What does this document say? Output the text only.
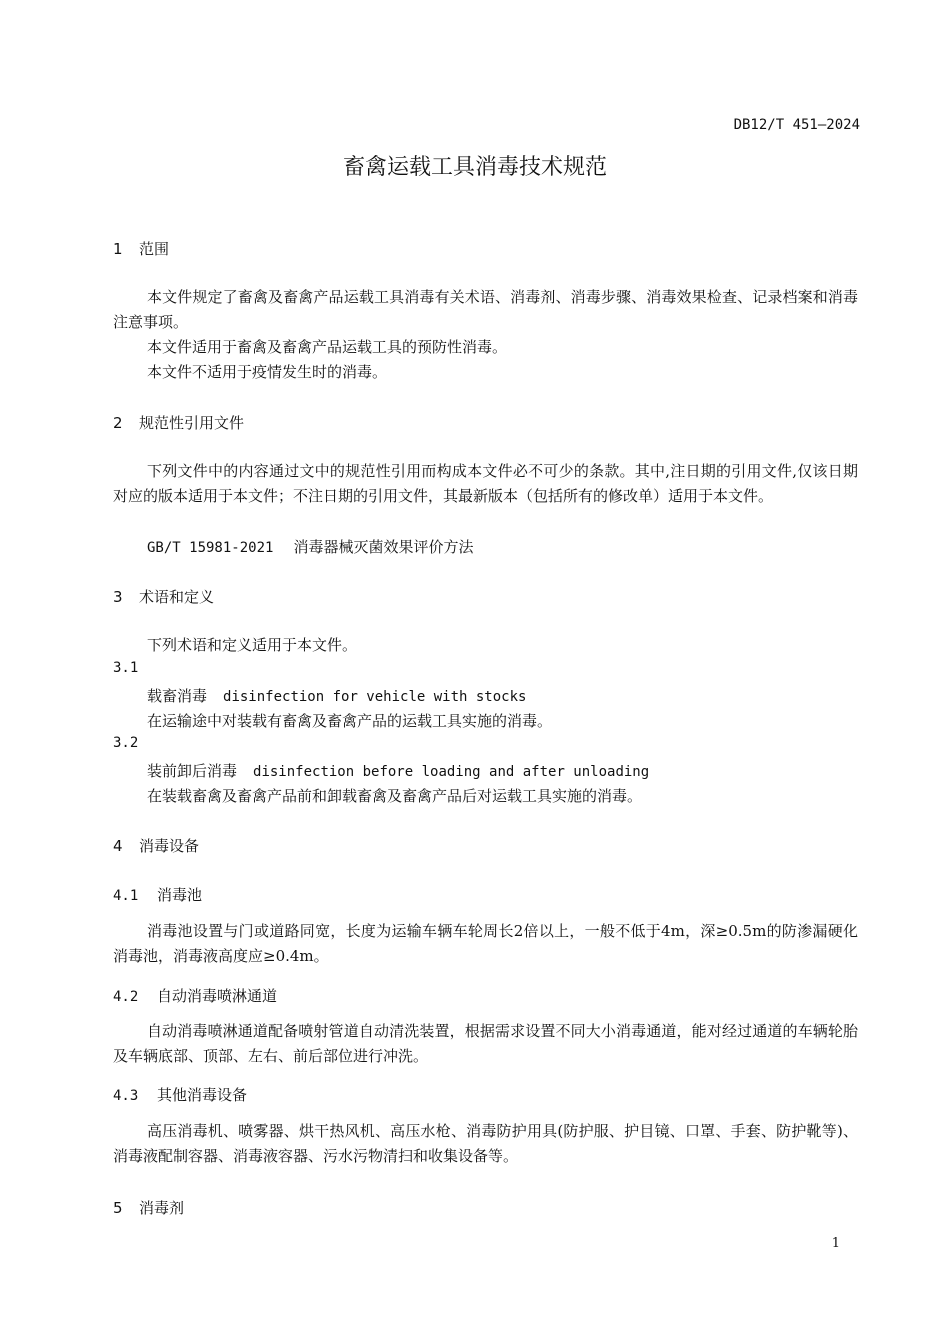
DB12/T 451—2024
畜禽运载工具消毒技术规范
1 范围
本文件规定了畜禽及畜禽产品运载工具消毒有关术语、消毒剂、消毒步骤、消毒效果检查、记录档案和消毒注意事项。
本文件适用于畜禽及畜禽产品运载工具的预防性消毒。
本文件不适用于疫情发生时的消毒。
2 规范性引用文件
下列文件中的内容通过文中的规范性引用而构成本文件必不可少的条款。其中,注日期的引用文件,仅该日期对应的版本适用于本文件；不注日期的引用文件，其最新版本（包括所有的修改单）适用于本文件。
GB/T 15981-2021 消毒器械灭菌效果评价方法
3 术语和定义
下列术语和定义适用于本文件。
3.1
载畜消毒 disinfection for vehicle with stocks
在运输途中对装载有畜禽及畜禽产品的运载工具实施的消毒。
3.2
装前卸后消毒 disinfection before loading and after unloading
在装载畜禽及畜禽产品前和卸载畜禽及畜禽产品后对运载工具实施的消毒。
4 消毒设备
4.1 消毒池
消毒池设置与门或道路同宽，长度为运输车辆车轮周长2倍以上，一般不低于4m，深≥0.5m的防渗漏硬化消毒池，消毒液高度应≥0.4m。
4.2 自动消毒喷淋通道
自动消毒喷淋通道配备喷射管道自动清洗装置，根据需求设置不同大小消毒通道，能对经过通道的车辆轮胎及车辆底部、顶部、左右、前后部位进行冲洗。
4.3 其他消毒设备
高压消毒机、喷雾器、烘干热风机、高压水枪、消毒防护用具(防护服、护目镜、口罩、手套、防护靴等)、消毒液配制容器、消毒液容器、污水污物清扫和收集设备等。
5 消毒剂
1
